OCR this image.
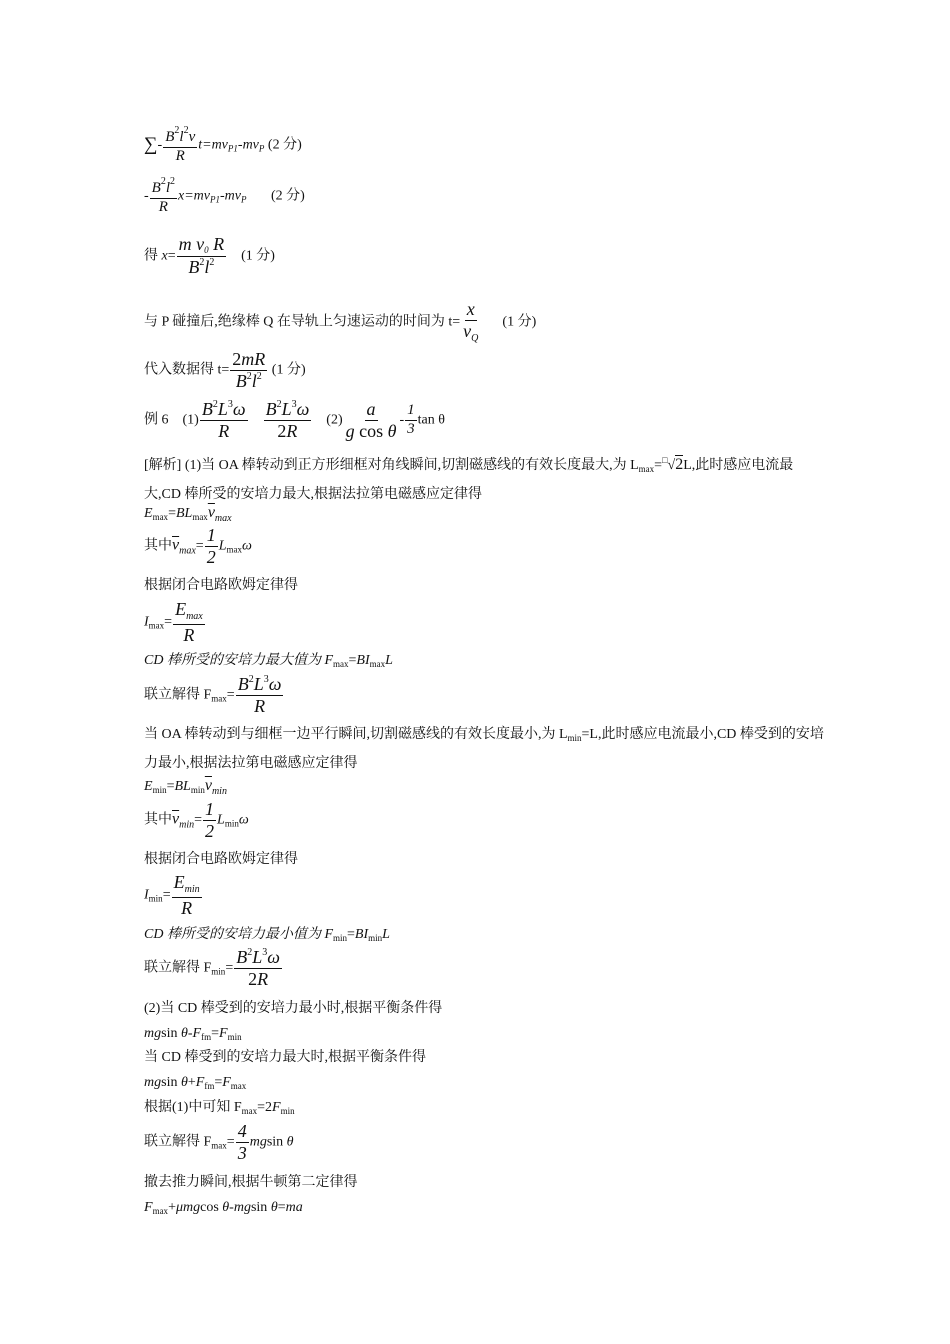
∑- $\frac{B^2l^2v}{R} t=mv_{P1}-mv_P$ (2 分)
- $\frac{B^2l^2}{R} x=mv_{P1}-mv_P$ (2 分)
得 $x= \frac{m v_0 R}{B^2l^2} (1$ 分)
与 P 碰撞后,绝缘棒 Q 在导轨上匀速运动的时间为 $t= \frac{x}{v_Q} (1$ 分)
代入数据得 $t= \frac{2mR}{B^2l^2} (1$ 分)
例 6 $(1) \frac{B^2L^3\omega}{R}$
$\frac{B^2L^3\omega}{2R} (2) \frac{a}{\text{g cos θ}} - \frac{1}{3}$ tan θ
[解析] (1)当 OA 棒转动到正方形细框对角线瞬间,切割磁感线的有效长度最大,为 $L_{max}=^□√2L$,此时感应电流最大,CD 棒所受的安培力最大,根据法拉第电磁感应定律得
$E_{max}=BL_{max}\overline{v}_{max}$
其中$\overline{v}_{max}= \frac{1}{2} L_{max}\omega$
根据闭合电路欧姆定律得
$I_{max}= \frac{E_{max}}{R}$
CD 棒所受的安培力最大值为 $F_{max}=BI_{max}L$
联立解得 $F_{max}= \frac{B^2L^3\omega}{R}$
当 OA 棒转动到与细框一边平行瞬间,切割磁感线的有效长度最小,为 $L_{min}=L$,此时感应电流最小,CD 棒受到的安培力最小,根据法拉第电磁感应定律得
$E_{min}=BL_{min}\overline{v}_{min}$
其中$\overline{v}_{min}= \frac{1}{2} L_{min}\omega$
根据闭合电路欧姆定律得
$I_{min}= \frac{E_{min}}{R}$
CD 棒所受的安培力最小值为 $F_{min}=BI_{min}L$
联立解得 $F_{min}= \frac{B^2L^3\omega}{2R}$
(2)当 CD 棒受到的安培力最小时,根据平衡条件得
mgsin $\theta-F_{fm}=F_{min}$
当 CD 棒受到的安培力最大时,根据平衡条件得
mgsin $\theta+F_{fm}=F_{max}$
根据(1)中可知 $F_{max}=2F_{min}$
联立解得 $F_{max}= \frac{4}{3}$ mgsin θ
撤去推力瞬间,根据牛顿第二定律得
$F_{max}+\mu mgcos$ θ-mgsin θ=ma
